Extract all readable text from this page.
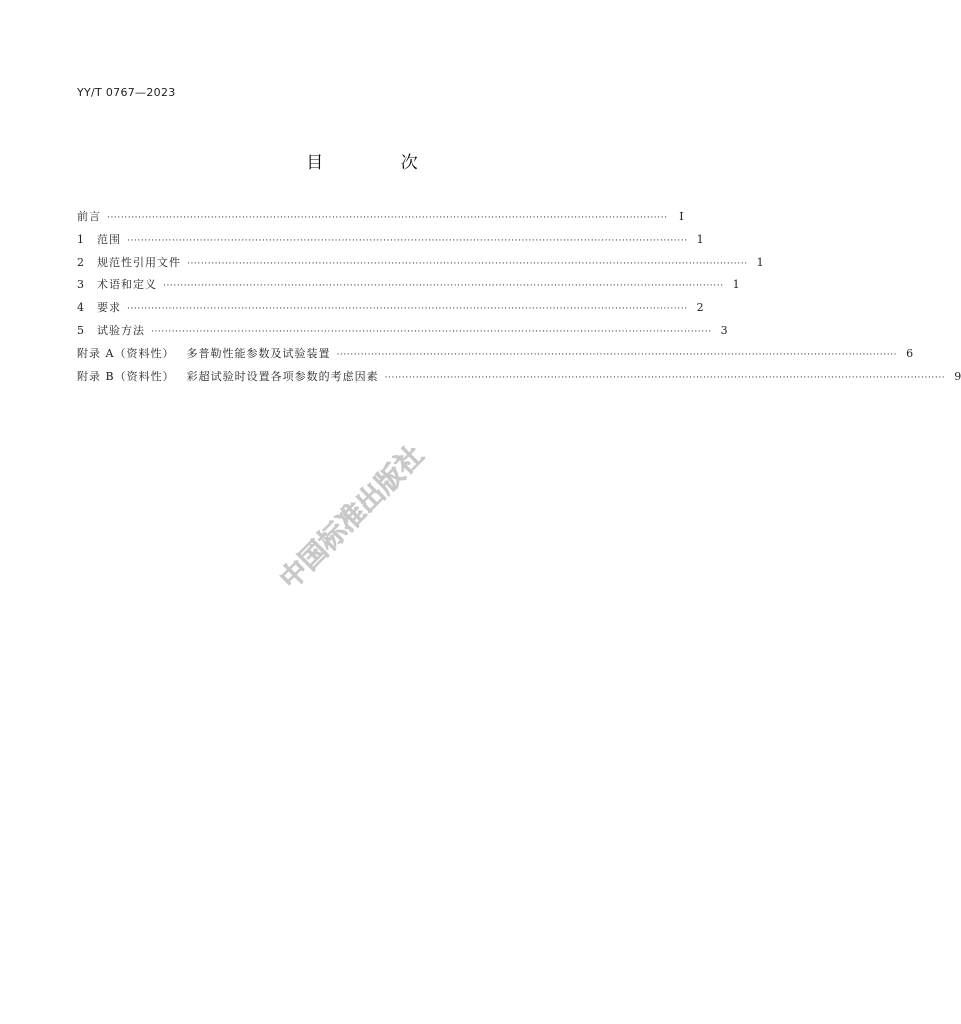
YY/T 0767—2023
目 次
前言 ··································································································································································	Ⅰ
1	范围 ·································································································································································· 1
2	规范性引用文件 ·································································································································································· 1
3	术语和定义 ·································································································································································· 1
4	要求 ·································································································································································· 2
5	试验方法 ·································································································································································· 3
附录 A（资料性） 多普勒性能参数及试验装置 ·································································································································································· 6
附录 B（资料性） 彩超试验时设置各项参数的考虑因素 ·································································································································································· 9
中国标准出版社
